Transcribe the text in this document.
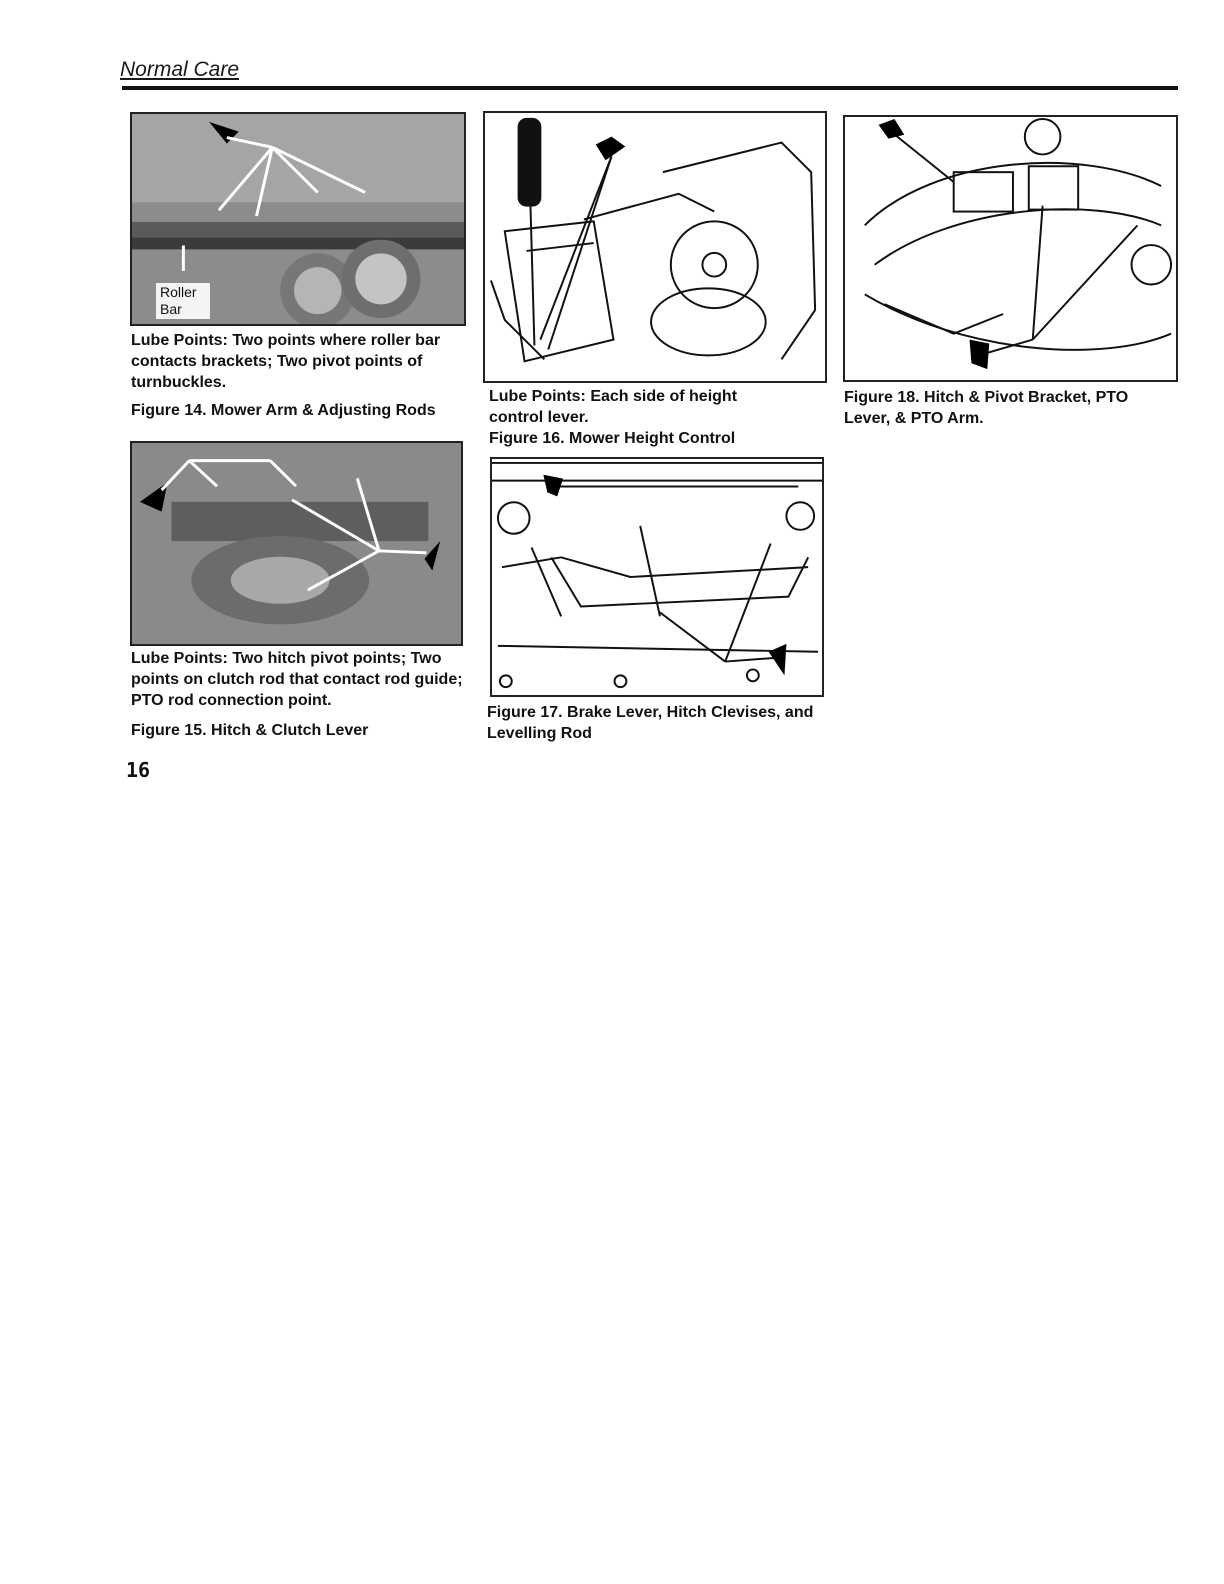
Normal Care
Roller Bar
Lube Points: Two points where roller bar contacts brackets; Two pivot points of turnbuckles.
Figure 14. Mower Arm & Adjusting Rods
Lube Points: Two hitch pivot points; Two points on clutch rod that contact rod guide; PTO rod connection point.
Figure 15. Hitch & Clutch Lever
Lube Points: Each side of height control lever.
Figure 16. Mower Height Control
Figure 17. Brake Lever, Hitch Clevises, and Levelling Rod
Figure 18. Hitch & Pivot Bracket, PTO Lever, & PTO Arm.
16
